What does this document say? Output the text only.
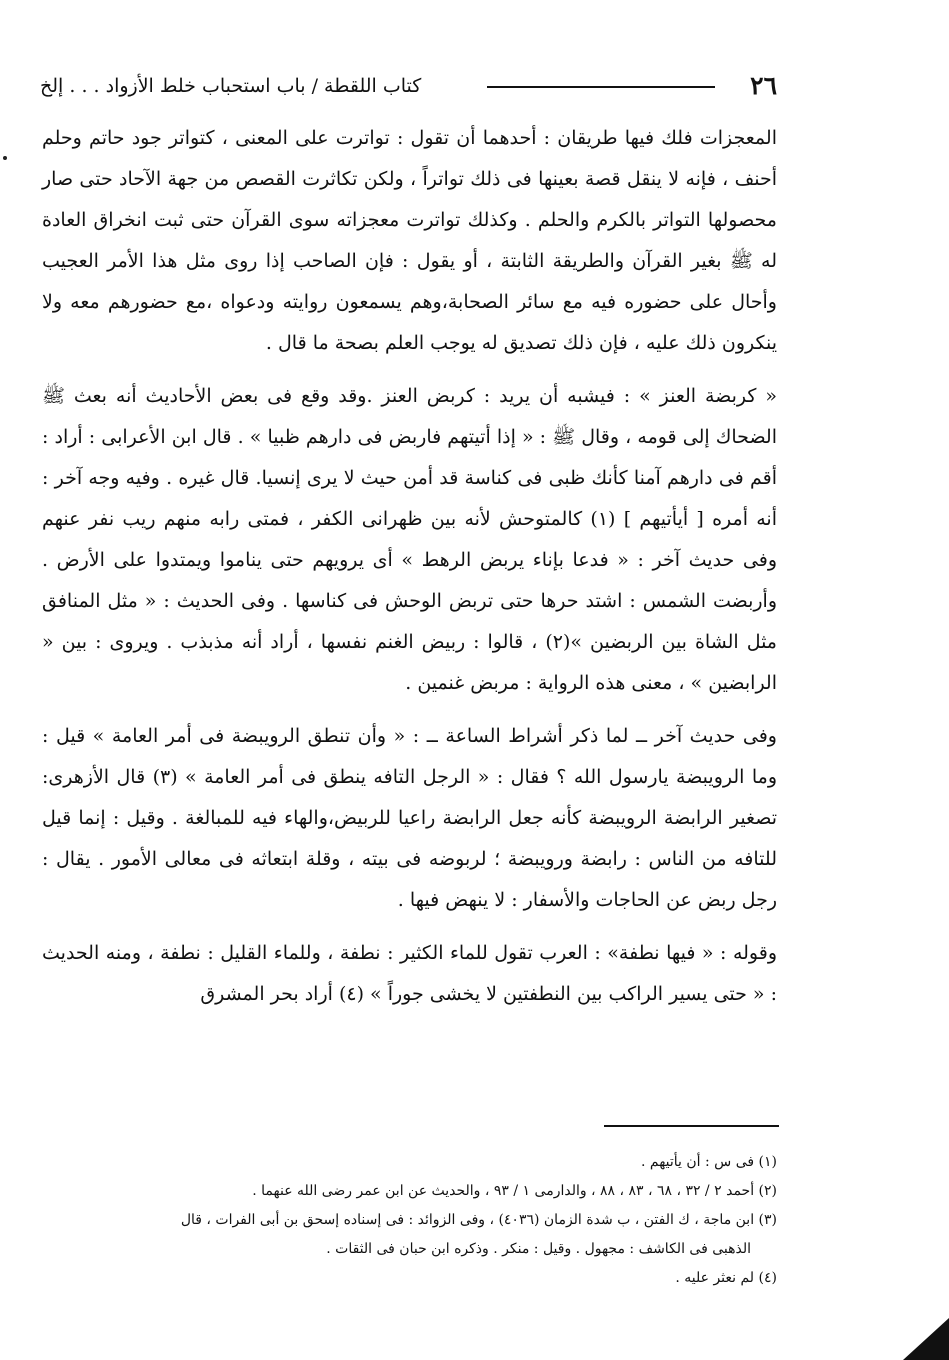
٢٦
كتاب اللقطة / باب استحباب خلط الأزواد . . . إلخ

المعجزات فلك فيها طريقان : أحدهما أن تقول : تواترت على المعنى ، كتواتر جود حاتم وحلم أحنف ، فإنه لا ينقل قصة بعينها فى ذلك تواتراً ، ولكن تكاثرت القصص من جهة الآحاد حتى صار محصولها التواتر بالكرم والحلم . وكذلك تواترت معجزاته سوى القرآن حتى ثبت انخراق العادة له ﷺ بغير القرآن والطريقة الثابتة ، أو يقول : فإن الصاحب إذا روى مثل هذا الأمر العجيب وأحال على حضوره فيه مع سائر الصحابة،وهم يسمعون روايته ودعواه ،مع حضورهم معه ولا ينكرون ذلك عليه ، فإن ذلك تصديق له يوجب العلم بصحة ما قال .

« كربضة العنز » : فيشبه أن يريد : كربض العنز .وقد وقع فى بعض الأحاديث أنه بعث ﷺ الضحاك إلى قومه ، وقال ﷺ : « إذا أتيتهم فاربض فى دارهم ظبيا » . قال ابن الأعرابى : أراد : أقم فى دارهم آمنا كأنك ظبى فى كناسة قد أمن حيث لا يرى إنسيا. قال غيره . وفيه وجه آخر : أنه أمره [ أيأتيهم ] (١) كالمتوحش لأنه بين ظهرانى الكفر ، فمتى رابه منهم ريب نفر عنهم وفى حديث آخر : « فدعا بإناء يربض الرهط » أى يرويهم حتى يناموا ويمتدوا على الأرض . وأربضت الشمس : اشتد حرها حتى تربض الوحش فى كناسها . وفى الحديث : « مثل المنافق مثل الشاة بين الربضين »(٢) ، قالوا : ربيض الغنم نفسها ، أراد أنه مذبذب . ويروى : بين « الرابضين » ، معنى هذه الرواية : مربض غنمين .

وفى حديث آخر ــ لما ذكر أشراط الساعة ــ : « وأن تنطق الرويبضة فى أمر العامة » قيل : وما الرويبضة يارسول الله ؟ فقال : « الرجل التافه ينطق فى أمر العامة » (٣) قال الأزهرى: تصغير الرابضة الرويبضة كأنه جعل الرابضة راعيا للربيض،والهاء فيه للمبالغة . وقيل : إنما قيل للتافه من الناس : رابضة ورويبضة ؛ لربوضه فى بيته ، وقلة ابتعاثه فى معالى الأمور . يقال : رجل ربض عن الحاجات والأسفار : لا ينهض فيها .

وقوله : « فيها نطفة» : العرب تقول للماء الكثير : نطفة ، وللماء القليل : نطفة ، ومنه الحديث : « حتى يسير الراكب بين النطفتين لا يخشى جوراً » (٤) أراد بحر المشرق

(١) فى س : أن يأتيهم .
(٢) أحمد ٢ / ٣٢ ، ٦٨ ، ٨٣ ، ٨٨ ، والدارمى ١ / ٩٣ ، والحديث عن ابن عمر رضى الله عنهما .
(٣) ابن ماجة ، ك الفتن ، ب شدة الزمان (٤٠٣٦) ، وفى الزوائد : فى إسناده إسحق بن أبى الفرات ، قال
الذهبى فى الكاشف : مجهول . وقيل : منكر . وذكره ابن حبان فى الثقات .
(٤) لم نعثر عليه .
